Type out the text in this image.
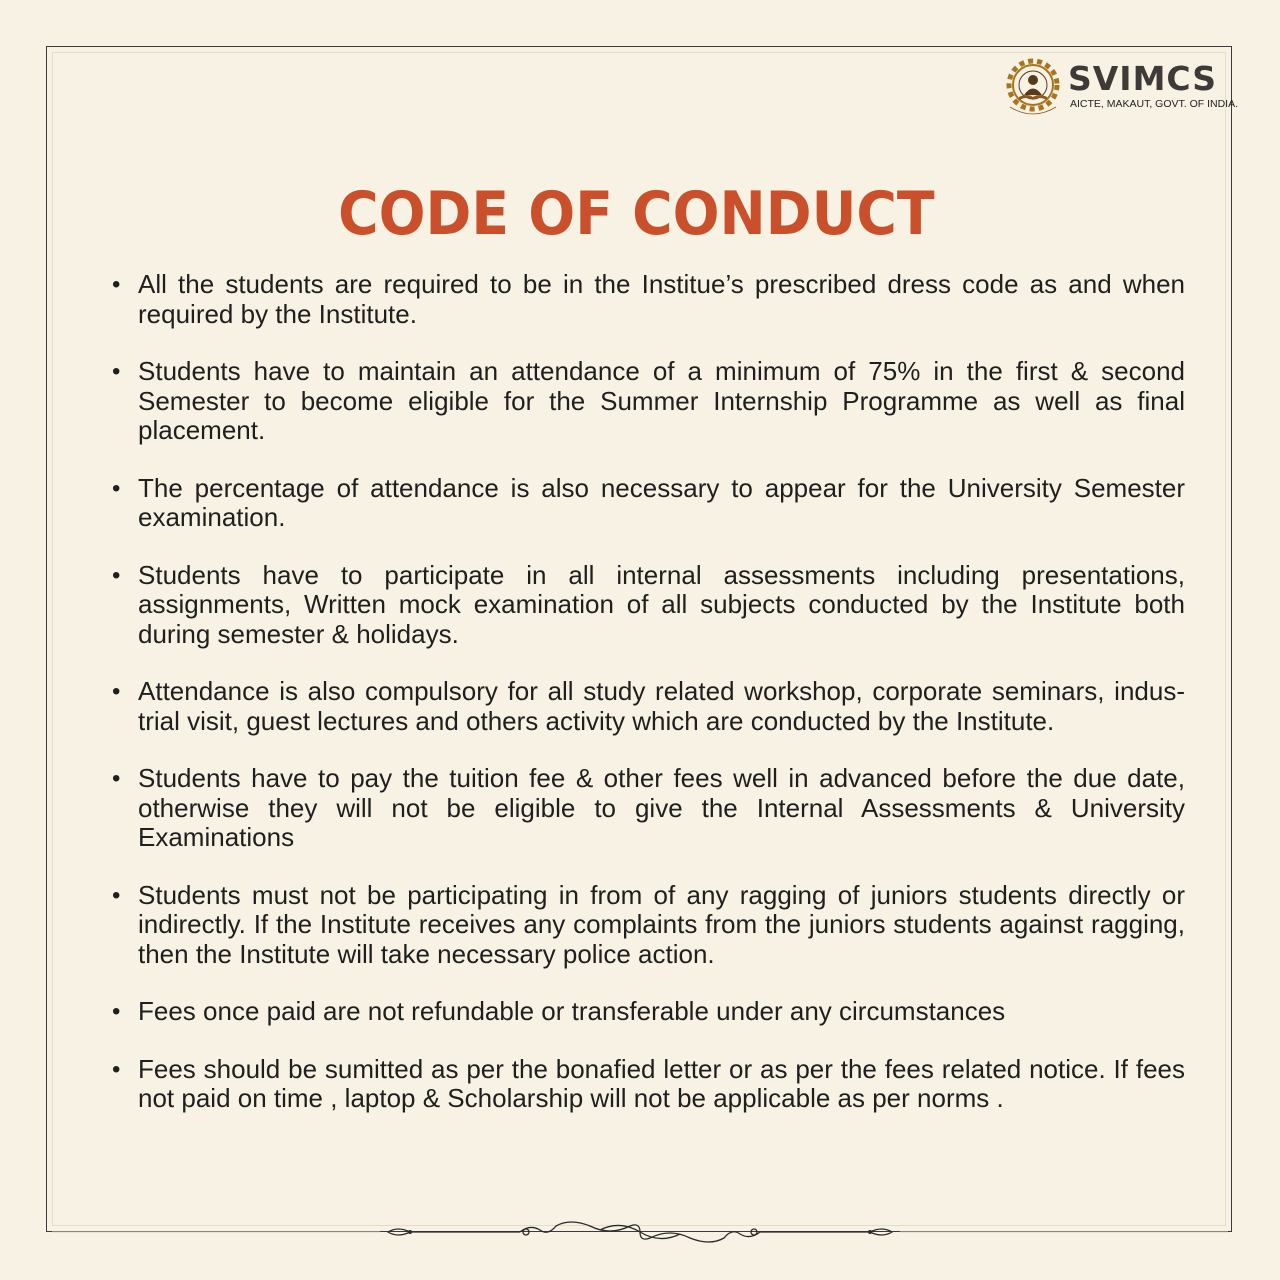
SVIMCS
AICTE, MAKAUT, GOVT. OF INDIA.
CODE OF CONDUCT
• All the students are required to be in the Institue’s prescribed dress code as and when required by the Institute.
• Students have to maintain an attendance of a minimum of 75% in the first & second Semester to become eligible for the Summer Internship Programme as well as final placement.
• The percentage of attendance is also necessary to appear for the University Semester examination.
• Students have to participate in all internal assessments including presentations, assignments, Written mock examination of all subjects conducted by the Institute both during semester & holidays.
• Attendance is also compulsory for all study related workshop, corporate seminars, indus-trial visit, guest lectures and others activity which are conducted by the Institute.
• Students have to pay the tuition fee & other fees well in advanced before the due date, otherwise they will not be eligible to give the Internal Assessments & University Examinations
• Students must not be participating in from of any ragging of juniors students directly or indirectly. If the Institute receives any complaints from the juniors students against ragging, then the Institute will take necessary police action.
• Fees once paid are not refundable or transferable under any circumstances
• Fees should be sumitted as per the bonafied letter or as per the fees related notice. If fees not paid on time , laptop & Scholarship will not be applicable as per norms .
